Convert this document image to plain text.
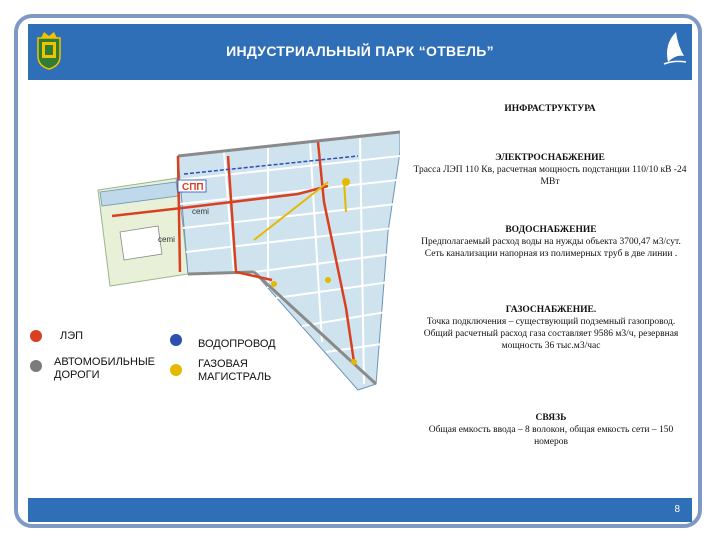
ИНДУСТРИАЛЬНЫЙ ПАРК “ОТВЕЛЬ”
СПП
cemi
cemi
ЛЭП
ВОДОПРОВОД
АВТОМОБИЛЬНЫЕ ДОРОГИ
ГАЗОВАЯ МАГИСТРАЛЬ
ИНФРАСТРУКТУРА
ЭЛЕКТРОСНАБЖЕНИЕ
Трасса ЛЭП 110 Кв, расчетная мощность подстанции 110/10 кВ -24 МВт
ВОДОСНАБЖЕНИЕ
Предполагаемый расход воды на нужды объекта 3700,47 м3/сут. Сеть канализации напорная из полимерных труб в две линии .
ГАЗОСНАБЖЕНИЕ.
Точка подключения – существующий подземный газопровод. Общий расчетный расход газа составляет 9586 м3/ч, резервная мощность 36 тыс.м3/час
СВЯЗЬ
Общая емкость ввода – 8 волокон, общая емкость сети – 150 номеров
8
